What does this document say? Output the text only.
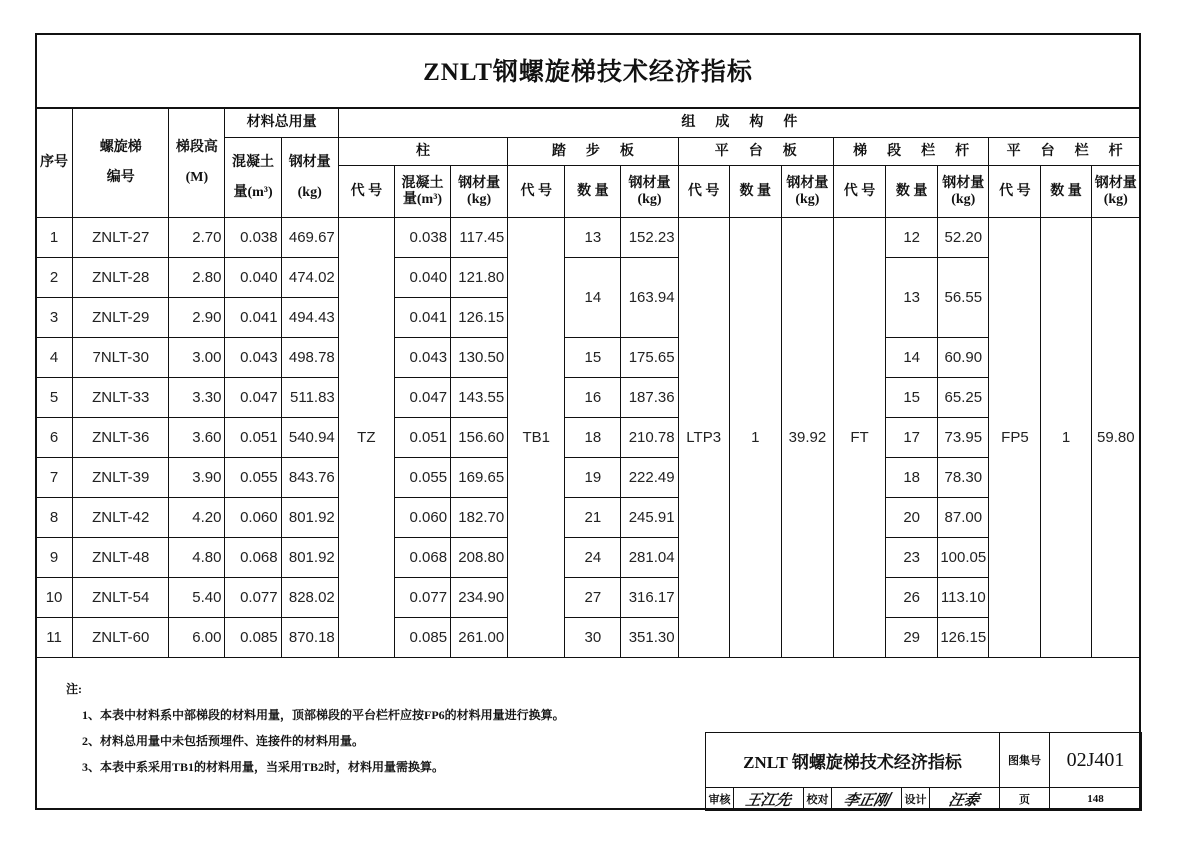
ZNLT钢螺旋梯技术经济指标
序号	螺旋梯编号	梯段高 (M)	材料总用量		组 成 构 件														
			混凝土量(m³)	钢材量 (kg)	柱			踏 步 板			平 台 板			梯 段 栏 杆			平 台 栏 杆		
					代 号	混凝土量(m³)	钢材量 (kg)	代 号	数 量	钢材量 (kg)	代 号	数 量	钢材量 (kg)	代 号	数 量	钢材量 (kg)	代 号	数 量	钢材量 (kg)
1	ZNLT-27	2.70	0.038	469.67	TZ	0.038	117.45	TB1	13	152.23	LTP3	1	39.92	FT	12	52.20	FP5	1	59.80
2	ZNLT-28	2.80	0.040	474.02		0.040	121.80		14	163.94					13	56.55			
3	ZNLT-29	2.90	0.041	494.43		0.041	126.15												
4	7NLT-30	3.00	0.043	498.78		0.043	130.50		15	175.65					14	60.90			
5	ZNLT-33	3.30	0.047	511.83		0.047	143.55		16	187.36					15	65.25			
6	ZNLT-36	3.60	0.051	540.94		0.051	156.60		18	210.78					17	73.95			
7	ZNLT-39	3.90	0.055	843.76		0.055	169.65		19	222.49					18	78.30			
8	ZNLT-42	4.20	0.060	801.92		0.060	182.70		21	245.91					20	87.00			
9	ZNLT-48	4.80	0.068	801.92		0.068	208.80		24	281.04					23	100.05			
10	ZNLT-54	5.40	0.077	828.02		0.077	234.90		27	316.17					26	113.10			
11	ZNLT-60	6.00	0.085	870.18		0.085	261.00		30	351.30					29	126.15			
注:
1、本表中材料系中部梯段的材料用量，顶部梯段的平台栏杆应按FP6的材料用量进行换算。
2、材料总用量中未包括预埋件、连接件的材料用量。
3、本表中系采用TB1的材料用量，当采用TB2时，材料用量需换算。	ZNLT 钢螺旋梯技术经济指标						图集号	02J401
审核	王江先	校对	李正刚	设计	汪泰	页	148
